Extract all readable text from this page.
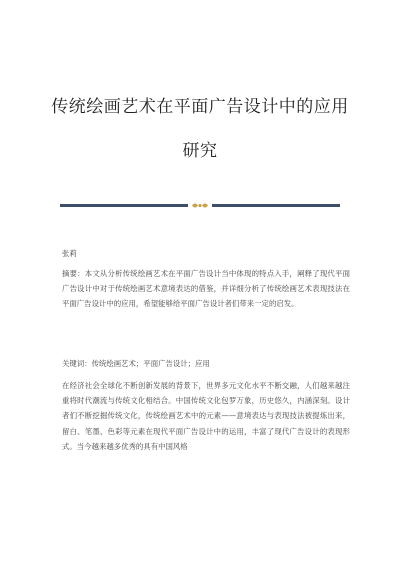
传统绘画艺术在平面广告设计中的应用
研究
张莉
摘要：本文从分析传统绘画艺术在平面广告设计当中体现的特点入手，阐释了现代平面广告设计中对于传统绘画艺术意境表达的借鉴，并详细分析了传统绘画艺术表现技法在平面广告设计中的应用，希望能够给平面广告设计者们带来一定的启发。
关键词：传统绘画艺术；平面广告设计；应用
在经济社会全球化不断创新发展的背景下，世界多元文化水平不断交融，人们越来越注重将时代潮流与传统文化相结合。中国传统文化包罗万象，历史悠久，内涵深刻。设计者们不断挖掘传统文化，传统绘画艺术中的元素——意境表达与表现技法被提炼出来，留白、笔墨、色彩等元素在现代平面广告设计中的运用，丰富了现代广告设计的表现形式。当今越来越多优秀的具有中国风格
